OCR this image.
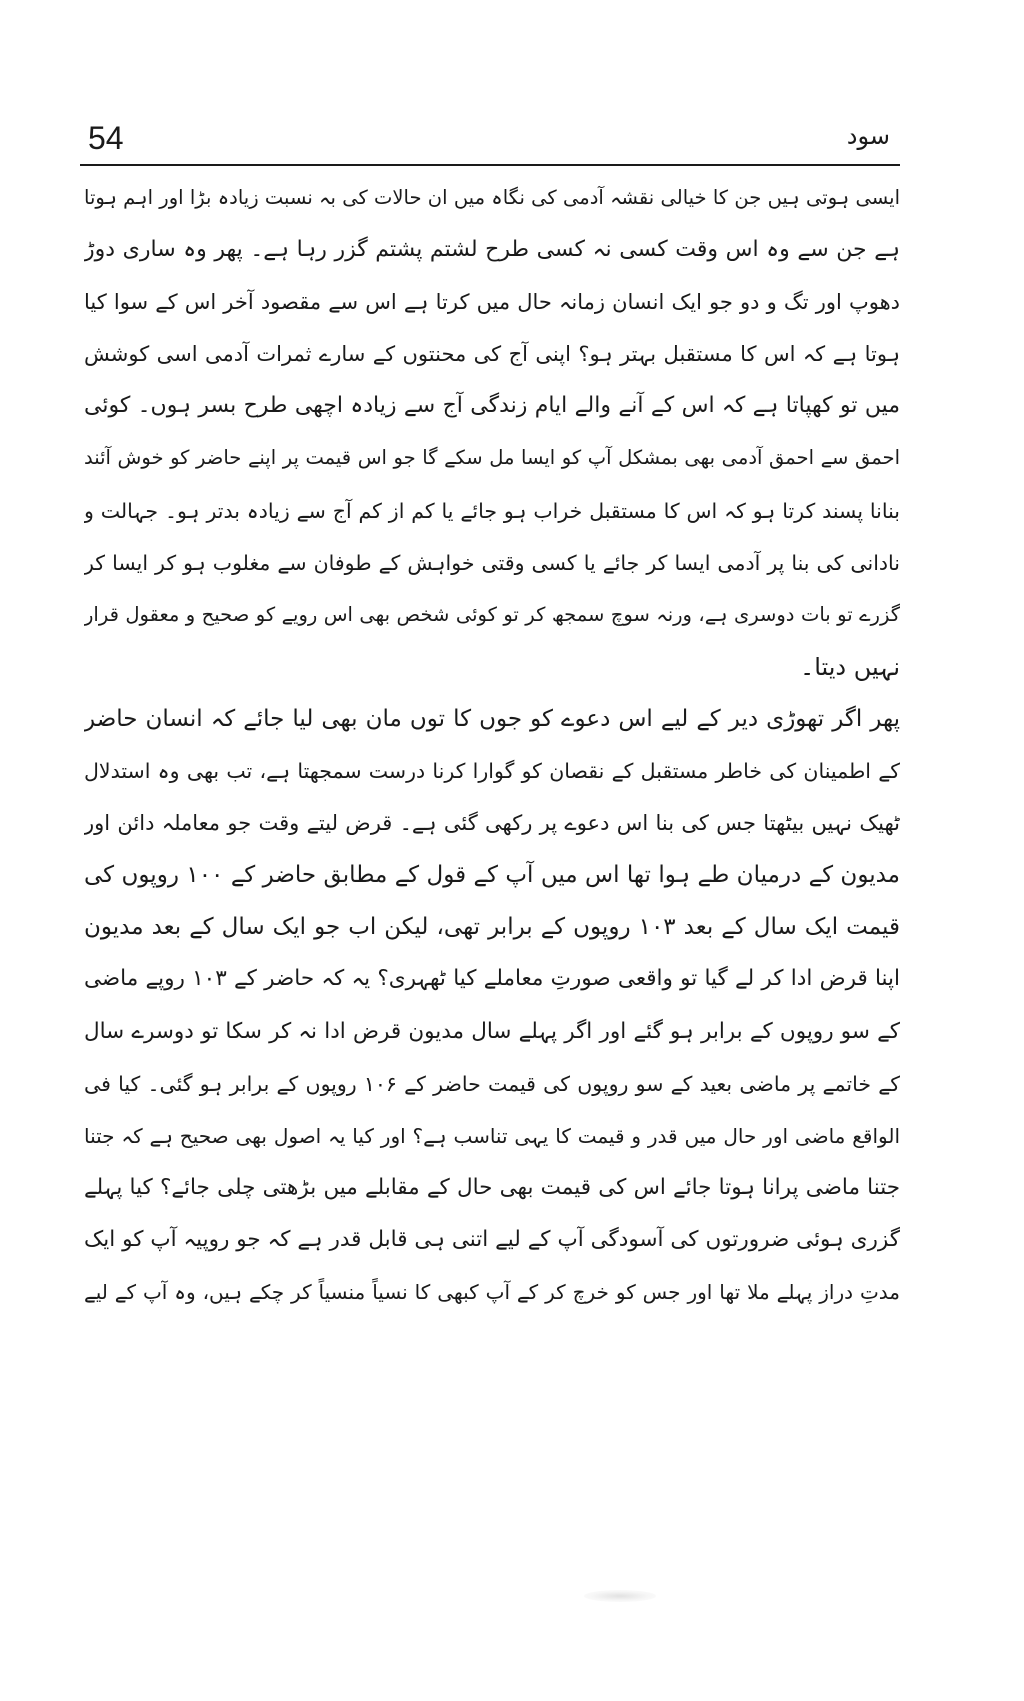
54	سود
ایسی ہوتی ہیں جن کا خیالی نقشہ آدمی کی نگاہ میں ان حالات کی بہ نسبت زیادہ بڑا اور اہم ہوتا
ہے جن سے وہ اس وقت کسی نہ کسی طرح لشتم پشتم گزر رہا ہے۔ پھر وہ ساری دوڑ
دھوپ اور تگ و دو جو ایک انسان زمانہ حال میں کرتا ہے اس سے مقصود آخر اس کے سوا کیا
ہوتا ہے کہ اس کا مستقبل بہتر ہو؟ اپنی آج کی محنتوں کے سارے ثمرات آدمی اسی کوشش
میں تو کھپاتا ہے کہ اس کے آنے والے ایام زندگی آج سے زیادہ اچھی طرح بسر ہوں۔ کوئی
احمق سے احمق آدمی بھی بمشکل آپ کو ایسا مل سکے گا جو اس قیمت پر اپنے حاضر کو خوش آئند
بنانا پسند کرتا ہو کہ اس کا مستقبل خراب ہو جائے یا کم از کم آج سے زیادہ بدتر ہو۔ جہالت و
نادانی کی بنا پر آدمی ایسا کر جائے یا کسی وقتی خواہش کے طوفان سے مغلوب ہو کر ایسا کر
گزرے تو بات دوسری ہے، ورنہ سوچ سمجھ کر تو کوئی شخص بھی اس رویے کو صحیح و معقول قرار
نہیں دیتا۔
پھر اگر تھوڑی دیر کے لیے اس دعوے کو جوں کا توں مان بھی لیا جائے کہ انسان حاضر
کے اطمینان کی خاطر مستقبل کے نقصان کو گوارا کرنا درست سمجھتا ہے، تب بھی وہ استدلال
ٹھیک نہیں بیٹھتا جس کی بنا اس دعوے پر رکھی گئی ہے۔ قرض لیتے وقت جو معاملہ دائن اور
مدیون کے درمیان طے ہوا تھا اس میں آپ کے قول کے مطابق حاضر کے ۱۰۰ روپوں کی
قیمت ایک سال کے بعد ۱۰۳ روپوں کے برابر تھی، لیکن اب جو ایک سال کے بعد مدیون
اپنا قرض ادا کر لے گیا تو واقعی صورتِ معاملے کیا ٹھہری؟ یہ کہ حاضر کے ۱۰۳ روپے ماضی
کے سو روپوں کے برابر ہو گئے اور اگر پہلے سال مدیون قرض ادا نہ کر سکا تو دوسرے سال
کے خاتمے پر ماضی بعید کے سو روپوں کی قیمت حاضر کے ۱۰۶ روپوں کے برابر ہو گئی۔ کیا فی
الواقع ماضی اور حال میں قدر و قیمت کا یہی تناسب ہے؟ اور کیا یہ اصول بھی صحیح ہے کہ جتنا
جتنا ماضی پرانا ہوتا جائے اس کی قیمت بھی حال کے مقابلے میں بڑھتی چلی جائے؟ کیا پہلے
گزری ہوئی ضرورتوں کی آسودگی آپ کے لیے اتنی ہی قابل قدر ہے کہ جو روپیہ آپ کو ایک
مدتِ دراز پہلے ملا تھا اور جس کو خرچ کر کے آپ کبھی کا نسیاً منسیاً کر چکے ہیں، وہ آپ کے لیے
